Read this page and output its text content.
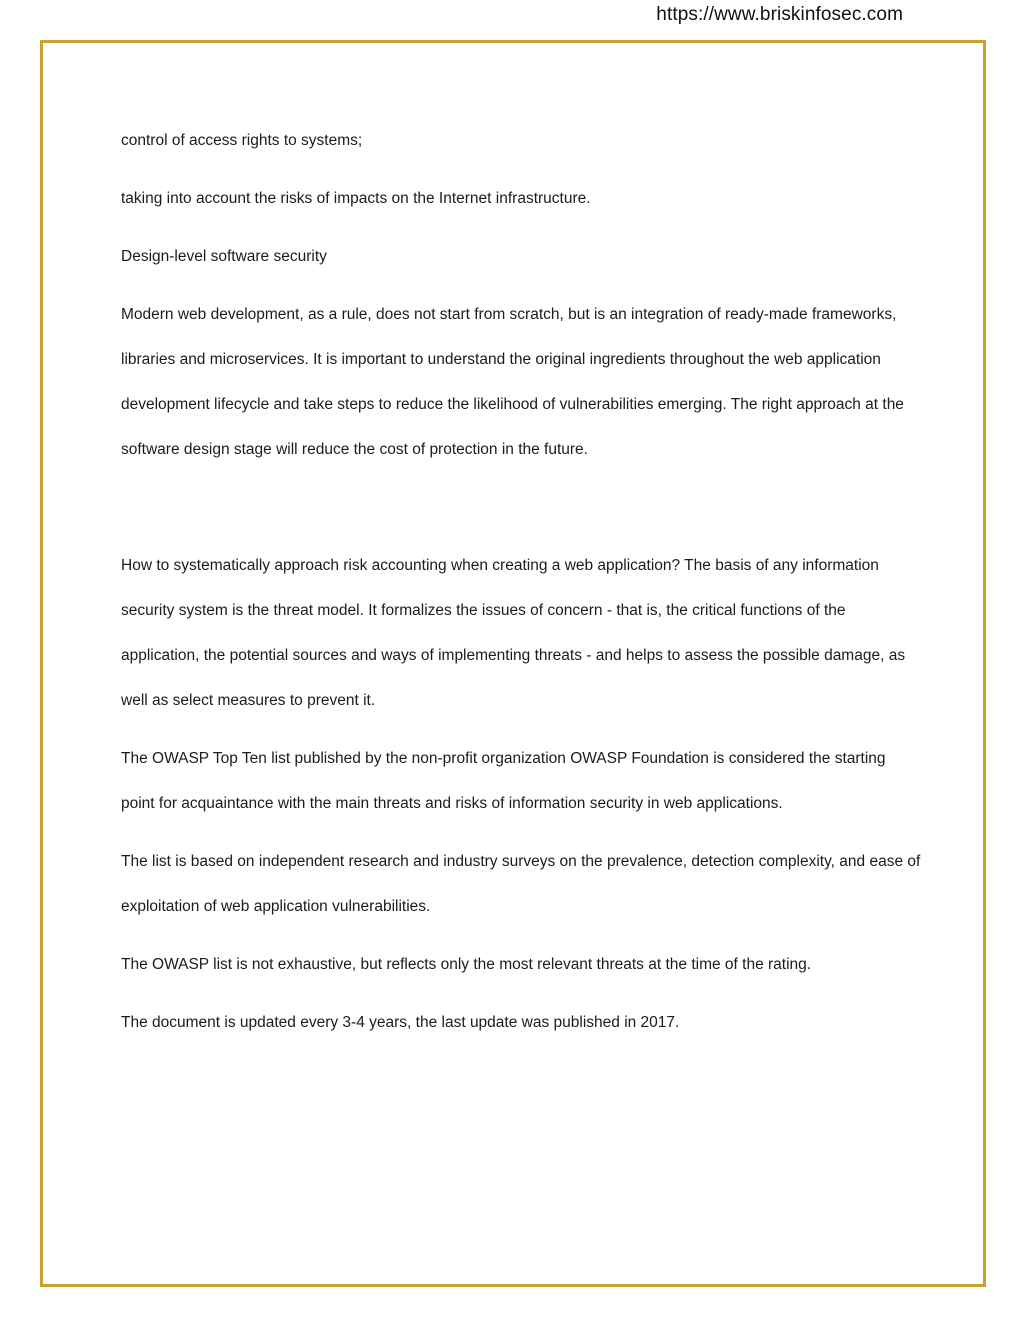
https://www.briskinfosec.com

control of access rights to systems;

taking into account the risks of impacts on the Internet infrastructure.

Design-level software security

Modern web development, as a rule, does not start from scratch, but is an integration of ready-made frameworks, libraries and microservices. It is important to understand the original ingredients throughout the web application development lifecycle and take steps to reduce the likelihood of vulnerabilities emerging. The right approach at the software design stage will reduce the cost of protection in the future.

How to systematically approach risk accounting when creating a web application? The basis of any information security system is the threat model. It formalizes the issues of concern - that is, the critical functions of the application, the potential sources and ways of implementing threats - and helps to assess the possible damage, as well as select measures to prevent it.

The OWASP Top Ten list published by the non-profit organization OWASP Foundation is considered the starting point for acquaintance with the main threats and risks of information security in web applications.

The list is based on independent research and industry surveys on the prevalence, detection complexity, and ease of exploitation of web application vulnerabilities.

The OWASP list is not exhaustive, but reflects only the most relevant threats at the time of the rating.

The document is updated every 3-4 years, the last update was published in 2017.
